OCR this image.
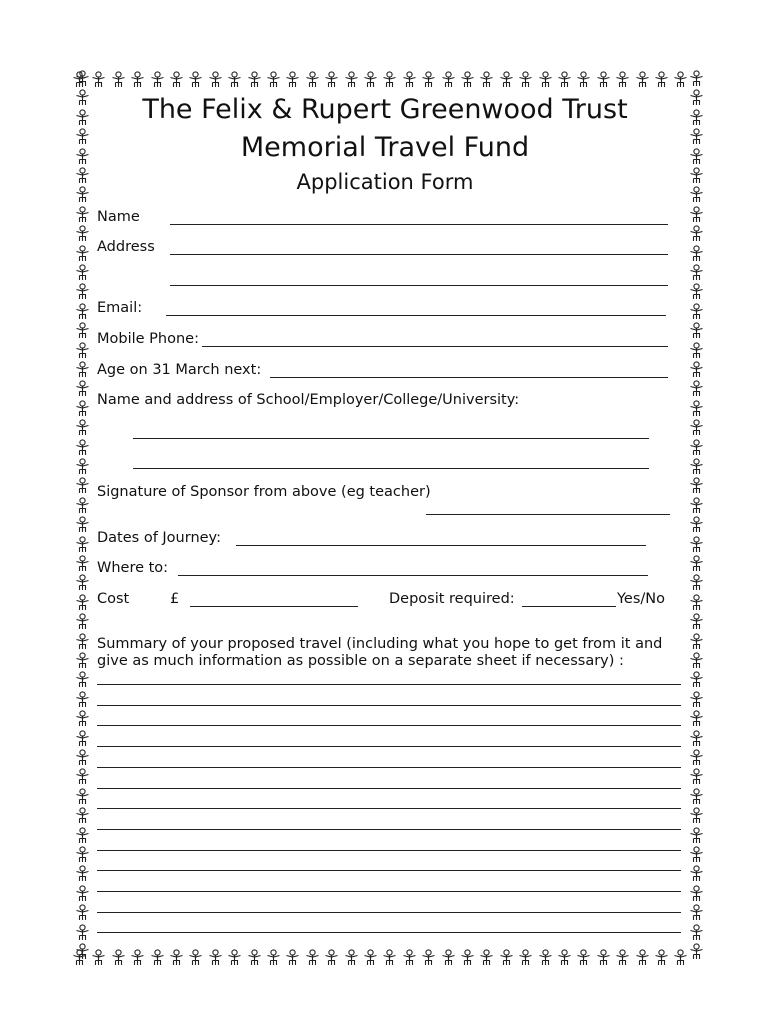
The Felix & Rupert Greenwood Trust
Memorial Travel Fund
Application Form
Name
Address
Email:
Mobile Phone:
Age on 31 March next:
Name and address of School/Employer/College/University:
Signature of Sponsor from above (eg teacher)
Dates of Journey:
Where to:
Cost	£	Deposit required:	Yes/No
Summary of your proposed travel (including what you hope to get from it and
give as much information as possible on a separate sheet if necessary) :
